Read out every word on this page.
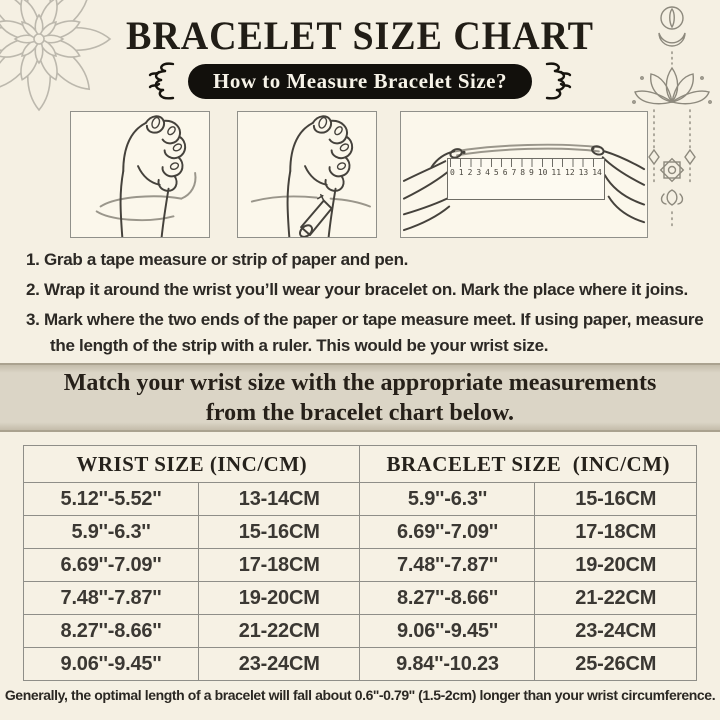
BRACELET SIZE CHART
How to Measure Bracelet Size?
0 1 2 3 4 5 6 7 8 9 10 11 12 13 14
1. Grab a tape measure or strip of paper and pen.
2. Wrap it around the wrist you’ll wear your bracelet on. Mark the place where it joins.
3. Mark where the two ends of the paper or tape measure meet. If using paper, measure the length of the strip with a ruler. This would be your wrist size.
Match your wrist size with the appropriate measurements
from the bracelet chart below.
WRIST SIZE (INC/CM)		BRACELET SIZE  (INC/CM)	
5.12''-5.52''	13-14CM	5.9''-6.3''	15-16CM
5.9''-6.3''	15-16CM	6.69''-7.09''	17-18CM
6.69''-7.09''	17-18CM	7.48''-7.87''	19-20CM
7.48''-7.87''	19-20CM	8.27''-8.66''	21-22CM
8.27''-8.66''	21-22CM	9.06''-9.45''	23-24CM
9.06''-9.45''	23-24CM	9.84''-10.23	25-26CM
Generally, the optimal length of a bracelet will fall about 0.6''-0.79'' (1.5-2cm) longer than your wrist circumference.
